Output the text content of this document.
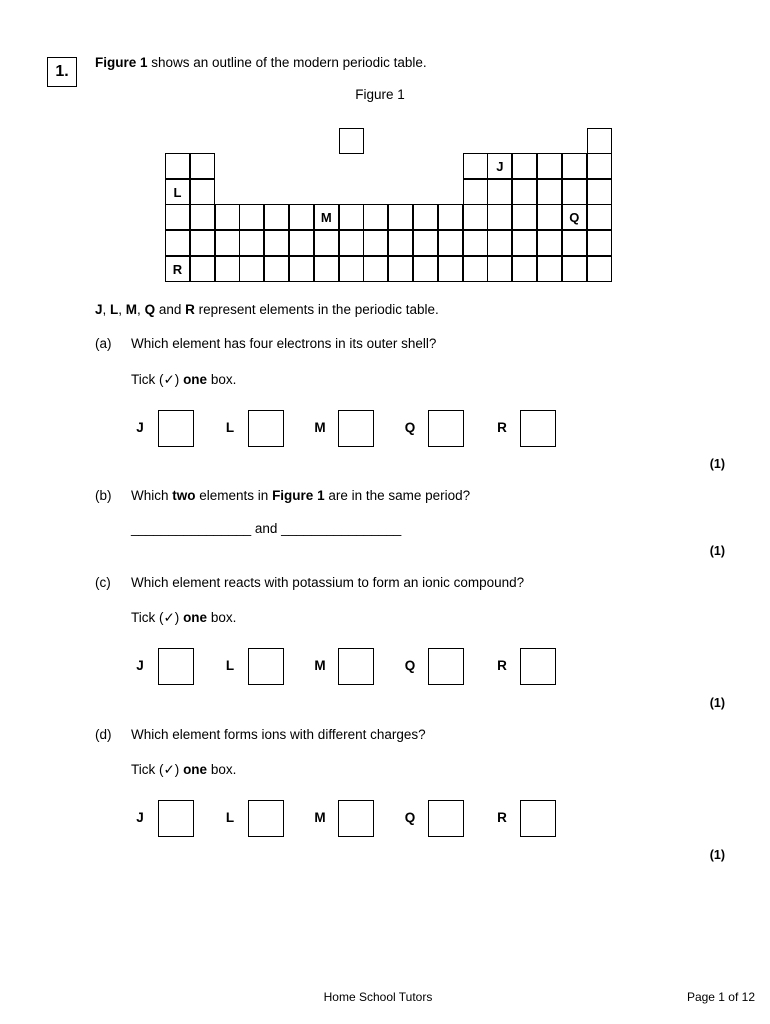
1.
Figure 1 shows an outline of the modern periodic table.
Figure 1
J
L
M	Q
R
J, L, M, Q and R represent elements in the periodic table.
(a) Which element has four electrons in its outer shell?
Tick (✓) one box.
J	L	M	Q	R
(1)
(b) Which two elements in Figure 1 are in the same period?
________________ and ________________
(1)
(c) Which element reacts with potassium to form an ionic compound?
Tick (✓) one box.
J	L	M	Q	R
(1)
(d) Which element forms ions with different charges?
Tick (✓) one box.
J	L	M	Q	R
(1)
Home School Tutors	Page 1 of 12
